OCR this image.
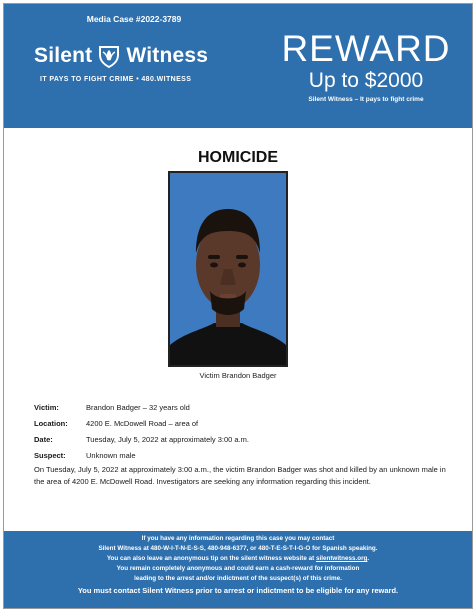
Media Case #2022-3789
Silent Witness
IT PAYS TO FIGHT CRIME • 480.WITNESS
REWARD
Up to $2000
Silent Witness – It pays to fight crime
HOMICIDE
Victim Brandon Badger
Victim:	Brandon Badger – 32 years old
Location:	4200 E. McDowell Road – area of
Date:	Tuesday, July 5, 2022 at approximately 3:00 a.m.
Suspect:	Unknown male
On Tuesday, July 5, 2022 at approximately 3:00 a.m., the victim Brandon Badger was shot and killed by an unknown male in the area of 4200 E. McDowell Road. Investigators are seeking any information regarding this incident.
If you have any information regarding this case you may contact
Silent Witness at 480-W-I-T-N-E-S-S, 480-948-6377, or 480-T-E-S-T-I-G-O for Spanish speaking.
You can also leave an anonymous tip on the silent witness website at silentwitness.org.
You remain completely anonymous and could earn a cash-reward for information
leading to the arrest and/or indictment of the suspect(s) of this crime.
You must contact Silent Witness prior to arrest or indictment to be eligible for any reward.
